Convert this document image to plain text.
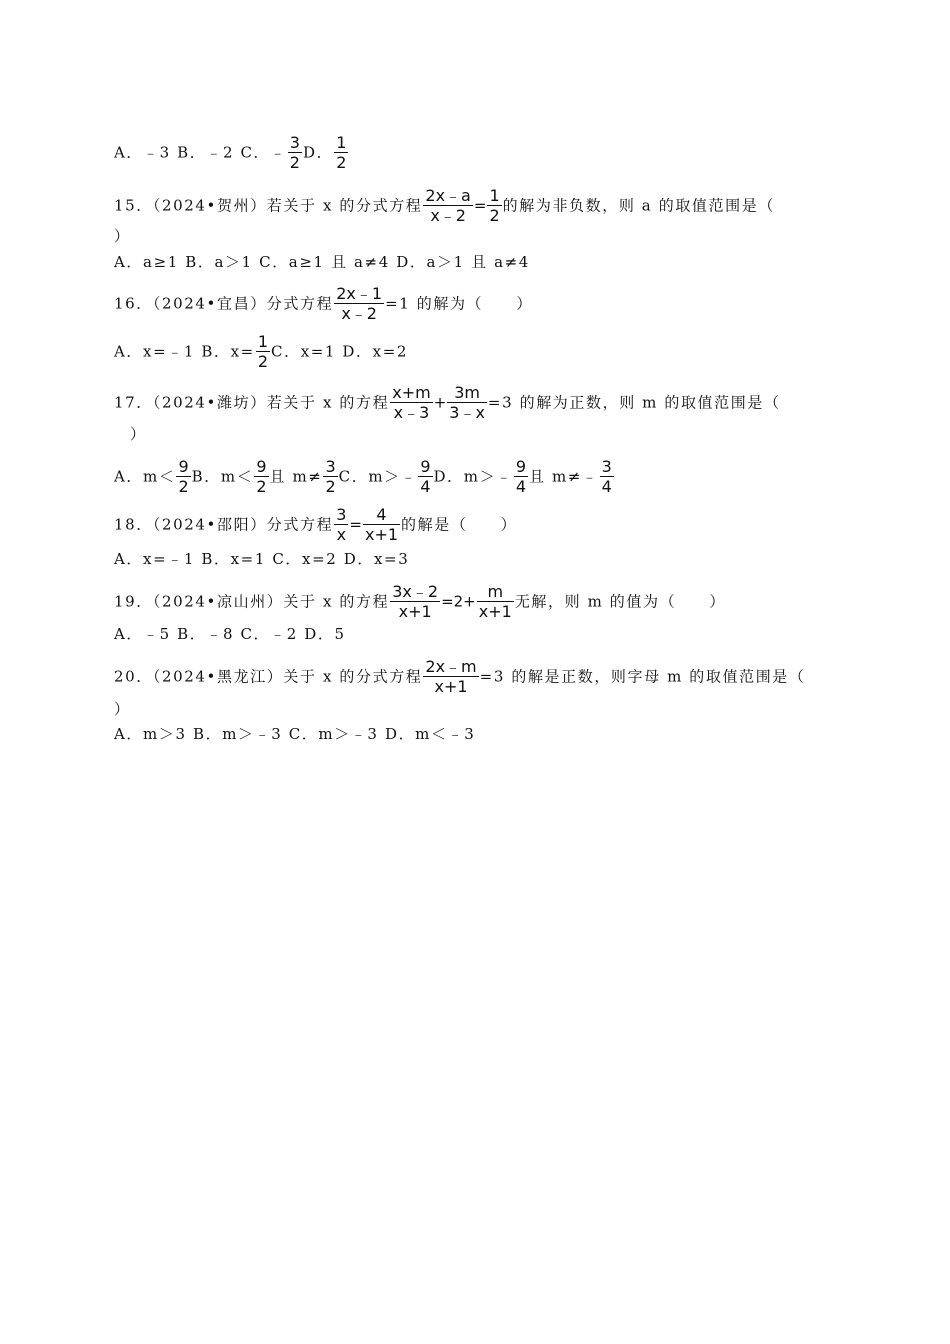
A．﹣3 B．﹣2 C．﹣ $\frac{3}{2}$ D． $\frac{1}{2}$
15．（2024•贺州）若关于 x 的分式方程 $\frac{2x﹣a}{x﹣2} = \frac{1}{2}$ 的解为非负数，则 a 的取值范围是（
）
A．a≥1 B．a＞1 C．a≥1 且 a≠4 D．a＞1 且 a≠4
16．（2024•宜昌）分式方程 $\frac{2x﹣1}{x﹣2} =1$ 的解为（　　）
A．x=﹣1 B．$x= \frac{1}{2}$ C．x=1 D．x=2
17．（2024•潍坊）若关于 x 的方程 $\frac{x+m}{x﹣3} + \frac{3m}{3﹣x} =3$ 的解为正数，则 m 的取值范围是（
）
A．$m< \frac{9}{2}$ B．$m< \frac{9}{2}$ 且 $m\ne \frac{3}{2}$ C．m＞﹣ $\frac{9}{4}$ D．m＞﹣ $\frac{9}{4}$ 且 m≠﹣ $\frac{3}{4}$
18．（2024•邵阳）分式方程 $\frac{3}{x} = \frac{4}{x+1}$ 的解是（　　）
A．x=﹣1 B．x=1 C．x=2 D．x=3
19．（2024•凉山州）关于 x 的方程 $\frac{3x﹣2}{x+1} =2+ \frac{m}{x+1}$ 无解，则 m 的值为（　　）
A．﹣5 B．﹣8 C．﹣2 D．5
20．（2024•黑龙江）关于 x 的分式方程 $\frac{2x﹣m}{x+1} =3$ 的解是正数，则字母 m 的取值范围是（
）
A．m＞3 B．m＞﹣3 C．m＞﹣3 D．m＜﹣3
